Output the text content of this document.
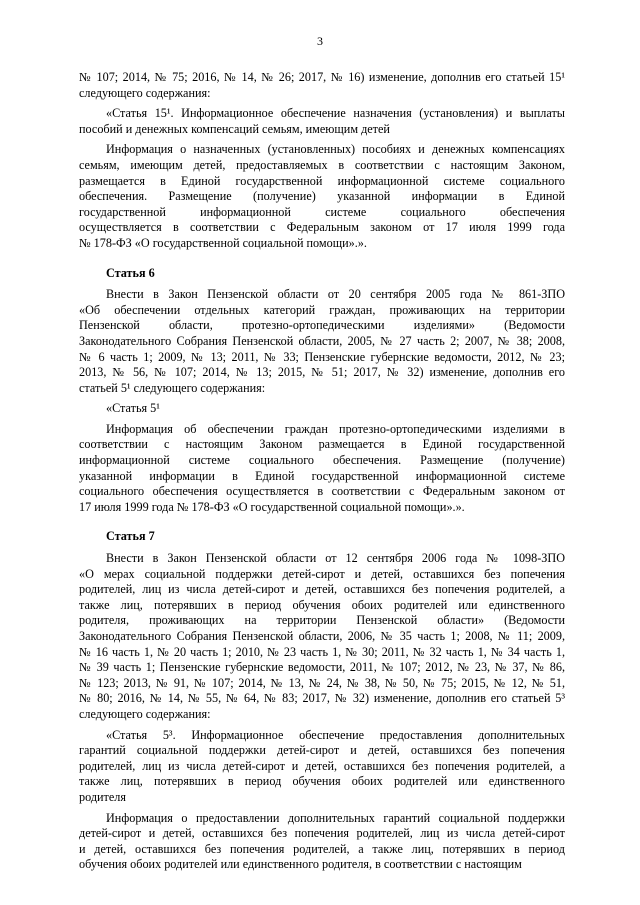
3
№ 107; 2014, № 75; 2016, № 14, № 26; 2017, № 16) изменение, дополнив его статьей 15¹
следующего содержания:
«Статья 15¹. Информационное обеспечение назначения (установления) и выплаты
пособий и денежных компенсаций семьям, имеющим детей
Информация о назначенных (установленных) пособиях и денежных компенсациях
семьям, имеющим детей, предоставляемых в соответствии с настоящим Законом,
размещается в Единой государственной информационной системе социального
обеспечения. Размещение (получение) указанной информации в Единой
государственной информационной системе социального обеспечения
осуществляется в соответствии с Федеральным законом от 17 июля 1999 года
№ 178-ФЗ «О государственной социальной помощи».».

Статья 6

Внести в Закон Пензенской области от 20 сентября 2005 года № 861-ЗПО
«Об обеспечении отдельных категорий граждан, проживающих на территории
Пензенской области, протезно-ортопедическими изделиями» (Ведомости
Законодательного Собрания Пензенской области, 2005, № 27 часть 2; 2007, № 38; 2008,
№ 6 часть 1; 2009, № 13; 2011, № 33; Пензенские губернские ведомости, 2012, № 23;
2013, № 56, № 107; 2014, № 13; 2015, № 51; 2017, № 32) изменение, дополнив его
статьей 5¹ следующего содержания:
«Статья 5¹
Информация об обеспечении граждан протезно-ортопедическими изделиями в
соответствии с настоящим Законом размещается в Единой государственной
информационной системе социального обеспечения. Размещение (получение)
указанной информации в Единой государственной информационной системе
социального обеспечения осуществляется в соответствии с Федеральным законом от
17 июля 1999 года № 178-ФЗ «О государственной социальной помощи».».

Статья 7

Внести в Закон Пензенской области от 12 сентября 2006 года № 1098-ЗПО
«О мерах социальной поддержки детей-сирот и детей, оставшихся без попечения
родителей, лиц из числа детей-сирот и детей, оставшихся без попечения родителей, а
также лиц, потерявших в период обучения обоих родителей или единственного
родителя, проживающих на территории Пензенской области» (Ведомости
Законодательного Собрания Пензенской области, 2006, № 35 часть 1; 2008, № 11; 2009,
№ 16 часть 1, № 20 часть 1; 2010, № 23 часть 1, № 30; 2011, № 32 часть 1, № 34 часть 1,
№ 39 часть 1; Пензенские губернские ведомости, 2011, № 107; 2012, № 23, № 37, № 86,
№ 123; 2013, № 91, № 107; 2014, № 13, № 24, № 38, № 50, № 75; 2015, № 12, № 51,
№ 80; 2016, № 14, № 55, № 64, № 83; 2017, № 32) изменение, дополнив его статьей 5³
следующего содержания:
«Статья 5³. Информационное обеспечение предоставления дополнительных
гарантий социальной поддержки детей-сирот и детей, оставшихся без попечения
родителей, лиц из числа детей-сирот и детей, оставшихся без попечения родителей, а
также лиц, потерявших в период обучения обоих родителей или единственного
родителя
Информация о предоставлении дополнительных гарантий социальной поддержки
детей-сирот и детей, оставшихся без попечения родителей, лиц из числа детей-сирот
и детей, оставшихся без попечения родителей, а также лиц, потерявших в период
обучения обоих родителей или единственного родителя, в соответствии с настоящим
